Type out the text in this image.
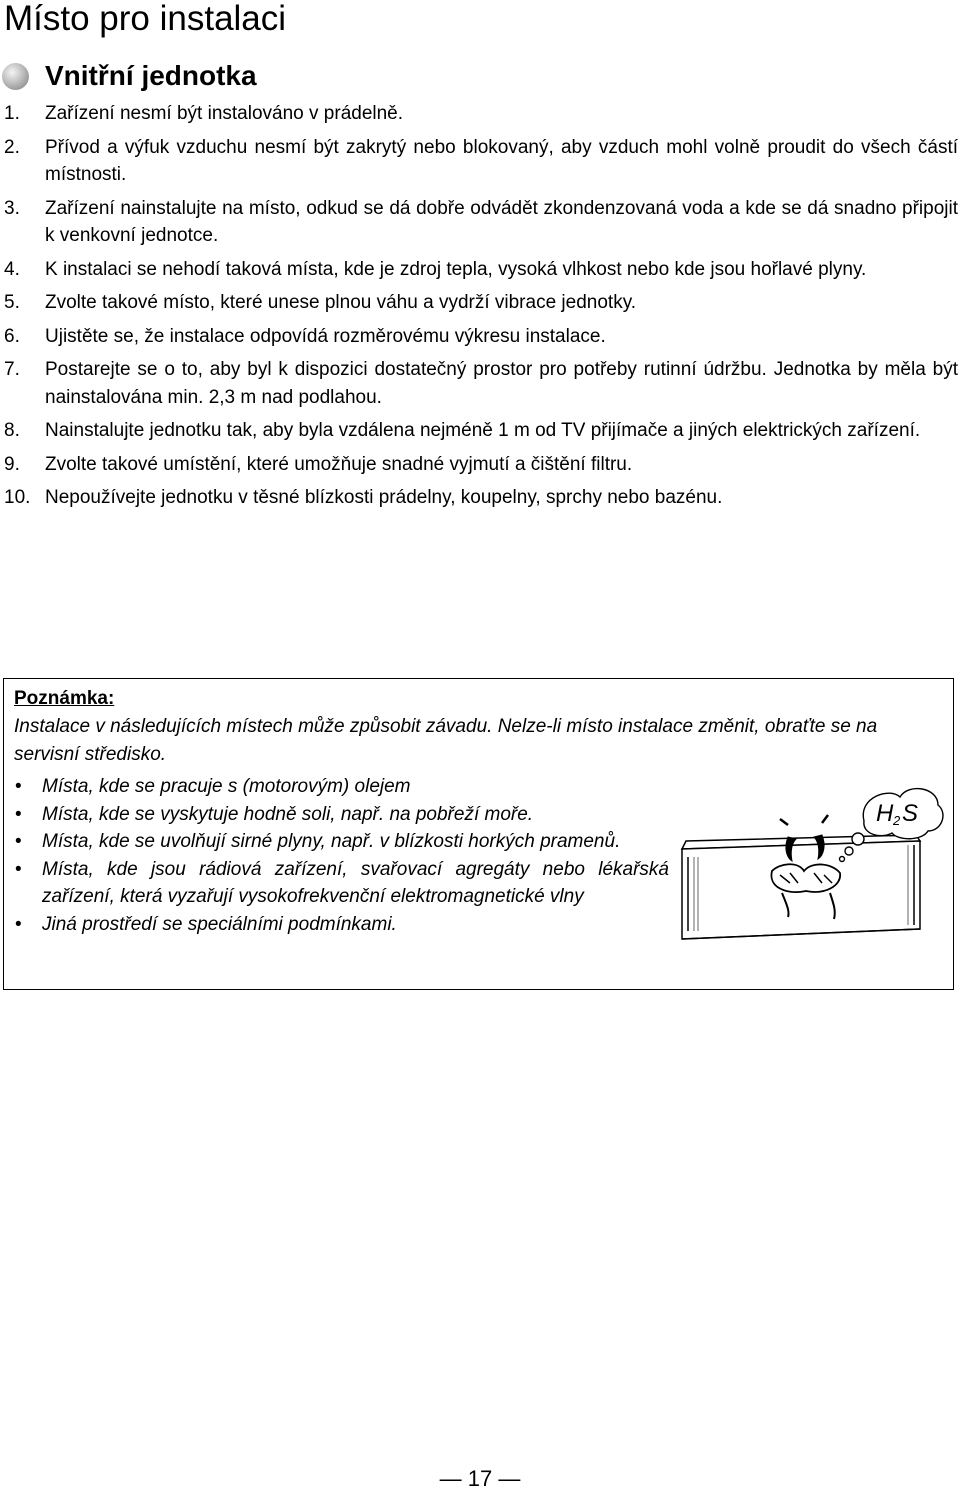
Místo pro instalaci
Vnitřní jednotka
1. Zařízení nesmí být instalováno v prádelně.
2. Přívod a výfuk vzduchu nesmí být zakrytý nebo blokovaný, aby vzduch mohl volně proudit do všech částí místnosti.
3. Zařízení nainstalujte na místo, odkud se dá dobře odvádět zkondenzovaná voda a kde se dá snadno připojit k venkovní jednotce.
4. K instalaci se nehodí taková místa, kde je zdroj tepla, vysoká vlhkost nebo kde jsou hořlavé plyny.
5. Zvolte takové místo, které unese plnou váhu a vydrží vibrace jednotky.
6. Ujistěte se, že instalace odpovídá rozměrovému výkresu instalace.
7. Postarejte se o to, aby byl k dispozici dostatečný prostor pro potřeby rutinní údržbu. Jednotka by měla být nainstalována min. 2,3 m nad podlahou.
8. Nainstalujte jednotku tak, aby byla vzdálena nejméně 1 m od TV přijímače a jiných elektrických zařízení.
9. Zvolte takové umístění, které umožňuje snadné vyjmutí a čištění filtru.
10. Nepoužívejte jednotku v těsné blízkosti prádelny, koupelny, sprchy nebo bazénu.

Poznámka:

Instalace v následujících místech může způsobit závadu. Nelze-li místo instalace změnit, obraťte se na servisní středisko.

• Místa, kde se pracuje s (motorovým) olejem
• Místa, kde se vyskytuje hodně soli, např. na pobřeží moře.
• Místa, kde se uvolňují sirné plyny, např. v blízkosti horkých pramenů.
• Místa, kde jsou rádiová zařízení, svařovací agregáty nebo lékařská zařízení, která vyzařují vysokofrekvenční elektromagnetické vlny
• Jiná prostředí se speciálními podmínkami.
H 2 S
— 17 —
